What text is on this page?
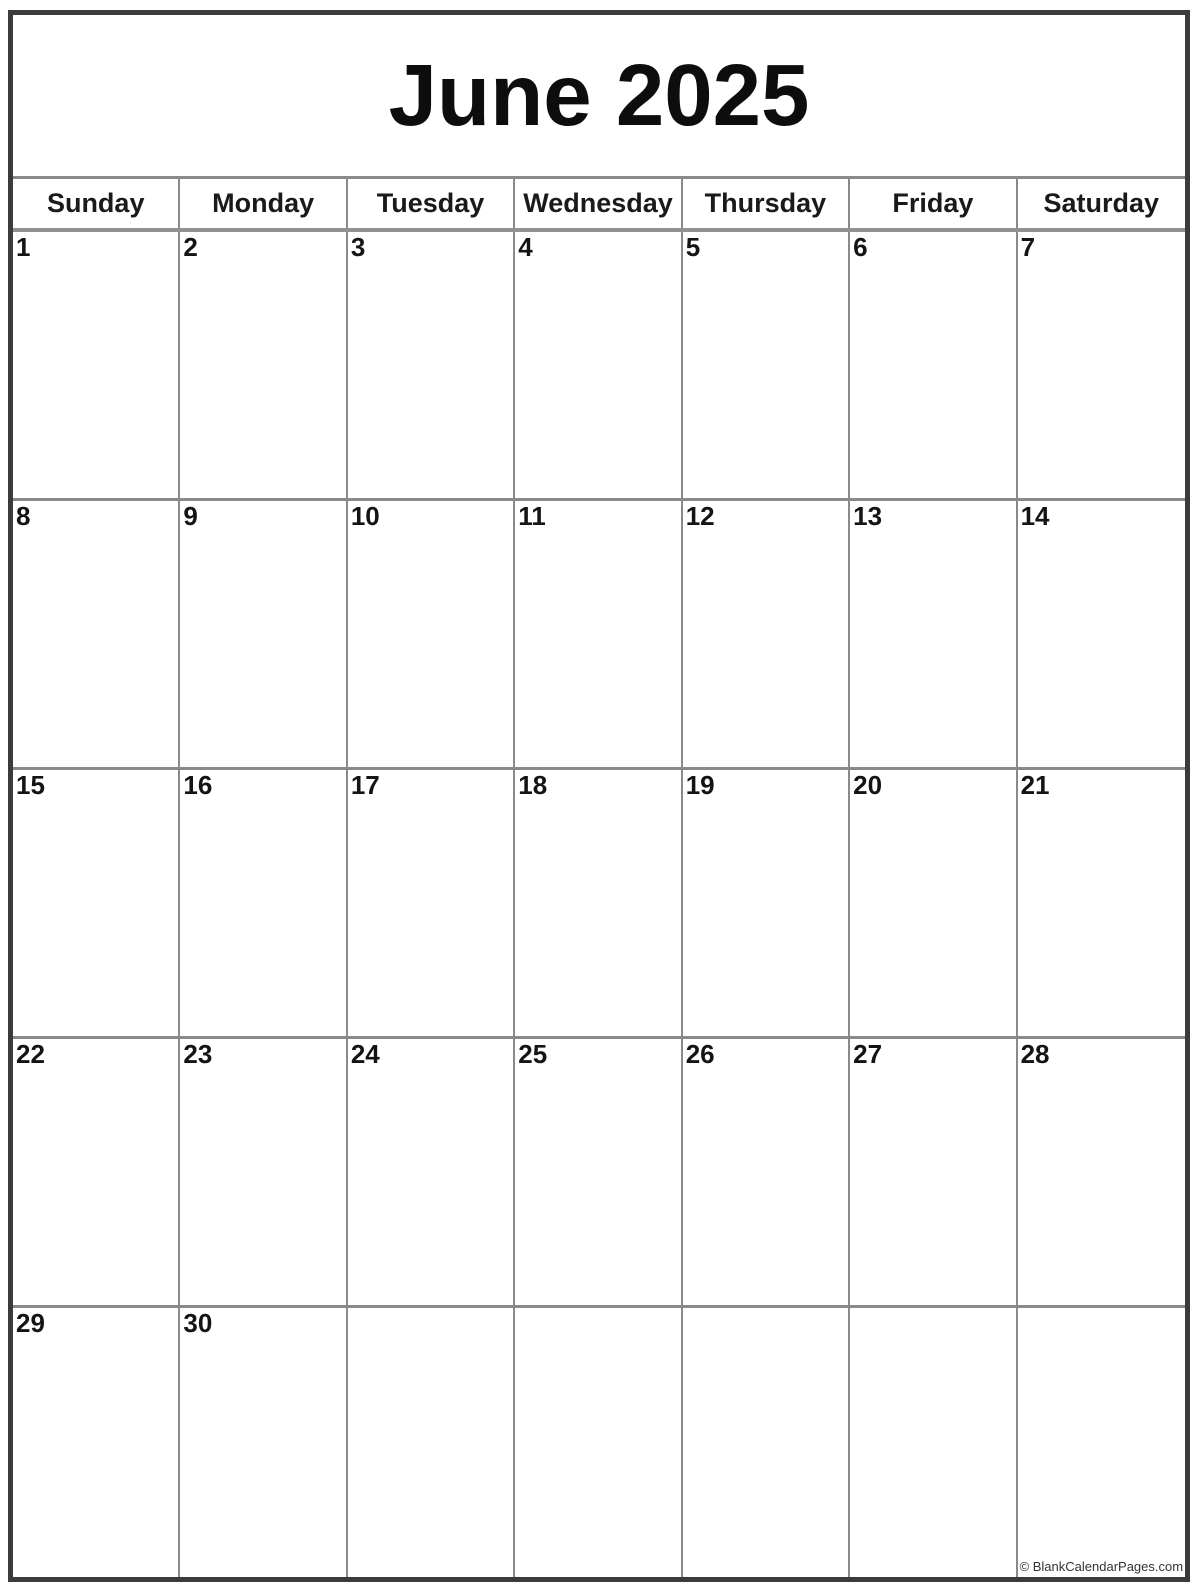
June 2025
Sunday	Monday	Tuesday	Wednesday	Thursday	Friday	Saturday
1	2	3	4	5	6	7
8	9	10	11	12	13	14
15	16	17	18	19	20	21
22	23	24	25	26	27	28
29	30
© BlankCalendarPages.com
